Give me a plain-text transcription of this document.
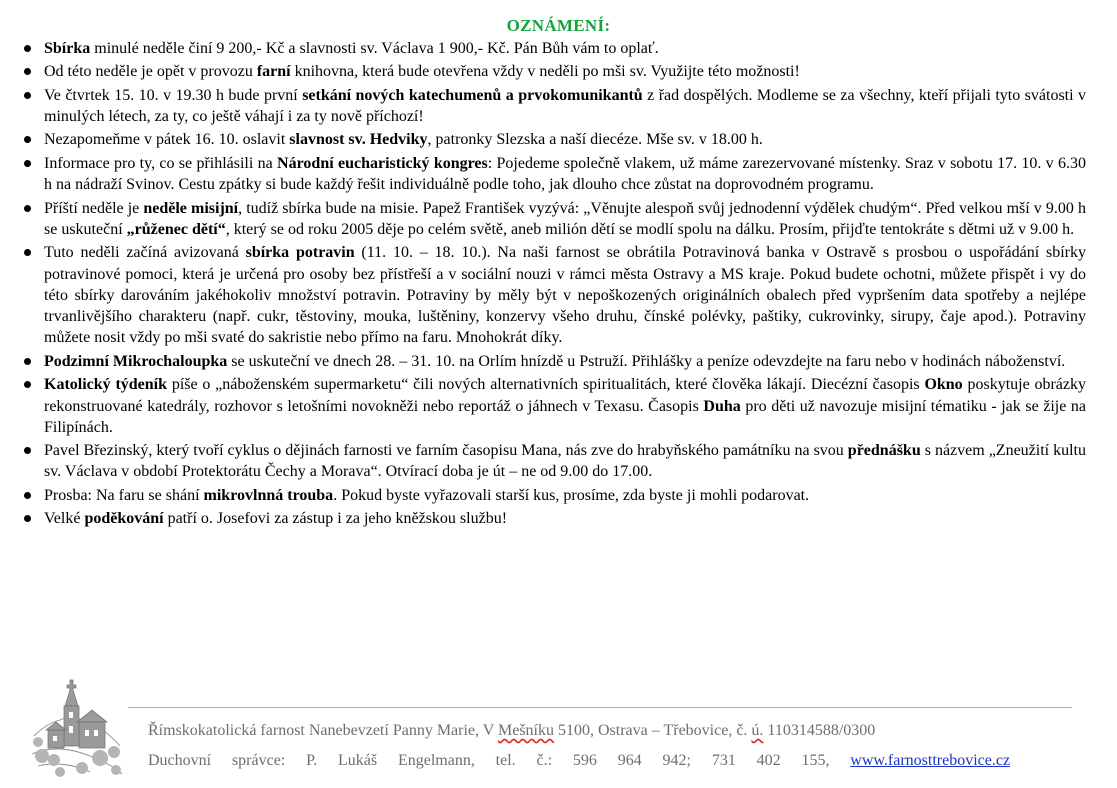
OZNÁMENÍ:
Sbírka minulé neděle činí 9 200,- Kč a slavnosti sv. Václava 1 900,- Kč. Pán Bůh vám to oplať.
Od této neděle je opět v provozu farní knihovna, která bude otevřena vždy v neděli po mši sv. Využijte této možnosti!
Ve čtvrtek 15. 10. v 19.30 h bude první setkání nových katechumenů a prvokomunikantů z řad dospělých. Modleme se za všechny, kteří přijali tyto svátosti v minulých létech, za ty, co ještě váhají i za ty nově příchozí!
Nezapomeňme v pátek 16. 10. oslavit slavnost sv. Hedviky, patronky Slezska a naší diecéze. Mše sv. v 18.00 h.
Informace pro ty, co se přihlásili na Národní eucharistický kongres: Pojedeme společně vlakem, už máme zarezervované místenky. Sraz v sobotu 17. 10. v 6.30 h na nádraží Svinov. Cestu zpátky si bude každý řešit individuálně podle toho, jak dlouho chce zůstat na doprovodném programu.
Příští neděle je neděle misijní, tudíž sbírka bude na misie. Papež František vyzývá: „Věnujte alespoň svůj jednodenní výdělek chudým“. Před velkou mší v 9.00 h se uskuteční „růženec dětí“, který se od roku 2005 děje po celém světě, aneb milión dětí se modlí spolu na dálku. Prosím, přijďte tentokráte s dětmi už v 9.00 h.
Tuto neděli začíná avizovaná sbírka potravin (11. 10. – 18. 10.). Na naši farnost se obrátila Potravinová banka v Ostravě s prosbou o uspořádání sbírky potravinové pomoci, která je určená pro osoby bez přístřeší a v sociální nouzi v rámci města Ostravy a MS kraje. Pokud budete ochotni, můžete přispět i vy do této sbírky darováním jakéhokoliv množství potravin. Potraviny by měly být v nepoškozených originálních obalech před vypršením data spotřeby a nejlépe trvanlivějšího charakteru (např. cukr, těstoviny, mouka, luštěniny, konzervy všeho druhu, čínské polévky, paštiky, cukrovinky, sirupy, čaje apod.). Potraviny můžete nosit vždy po mši svaté do sakristie nebo přímo na faru. Mnohokrát díky.
Podzimní Mikrochaloupka se uskuteční ve dnech 28. – 31. 10. na Orlím hnízdě u Pstruží. Přihlášky a peníze odevzdejte na faru nebo v hodinách náboženství.
Katolický týdeník píše o „náboženském supermarketu“ čili nových alternativních spiritualitách, které člověka lákají. Diecézní časopis Okno poskytuje obrázky rekonstruované katedrály, rozhovor s letošními novokněži nebo reportáž o jáhnech v Texasu. Časopis Duha pro děti už navozuje misijní tématiku - jak se žije na Filipínách.
Pavel Březinský, který tvoří cyklus o dějinách farnosti ve farním časopisu Mana, nás zve do hrabyňského památníku na svou přednášku s názvem „Zneužití kultu sv. Václava v období Protektorátu Čechy a Morava“. Otvírací doba je út – ne od 9.00 do 17.00.
Prosba: Na faru se shání mikrovlnná trouba. Pokud byste vyřazovali starší kus, prosíme, zda byste ji mohli podarovat.
Velké poděkování patří o. Josefovi za zástup i za jeho kněžskou službu!
Římskokatolická farnost Nanebevzetí Panny Marie, V Mešníku 5100, Ostrava – Třebovice, č. ú. 110314588/0300
Duchovní správce: P. Lukáš Engelmann, tel. č.: 596 964 942; 731 402 155, www.farnosttrebovice.cz
